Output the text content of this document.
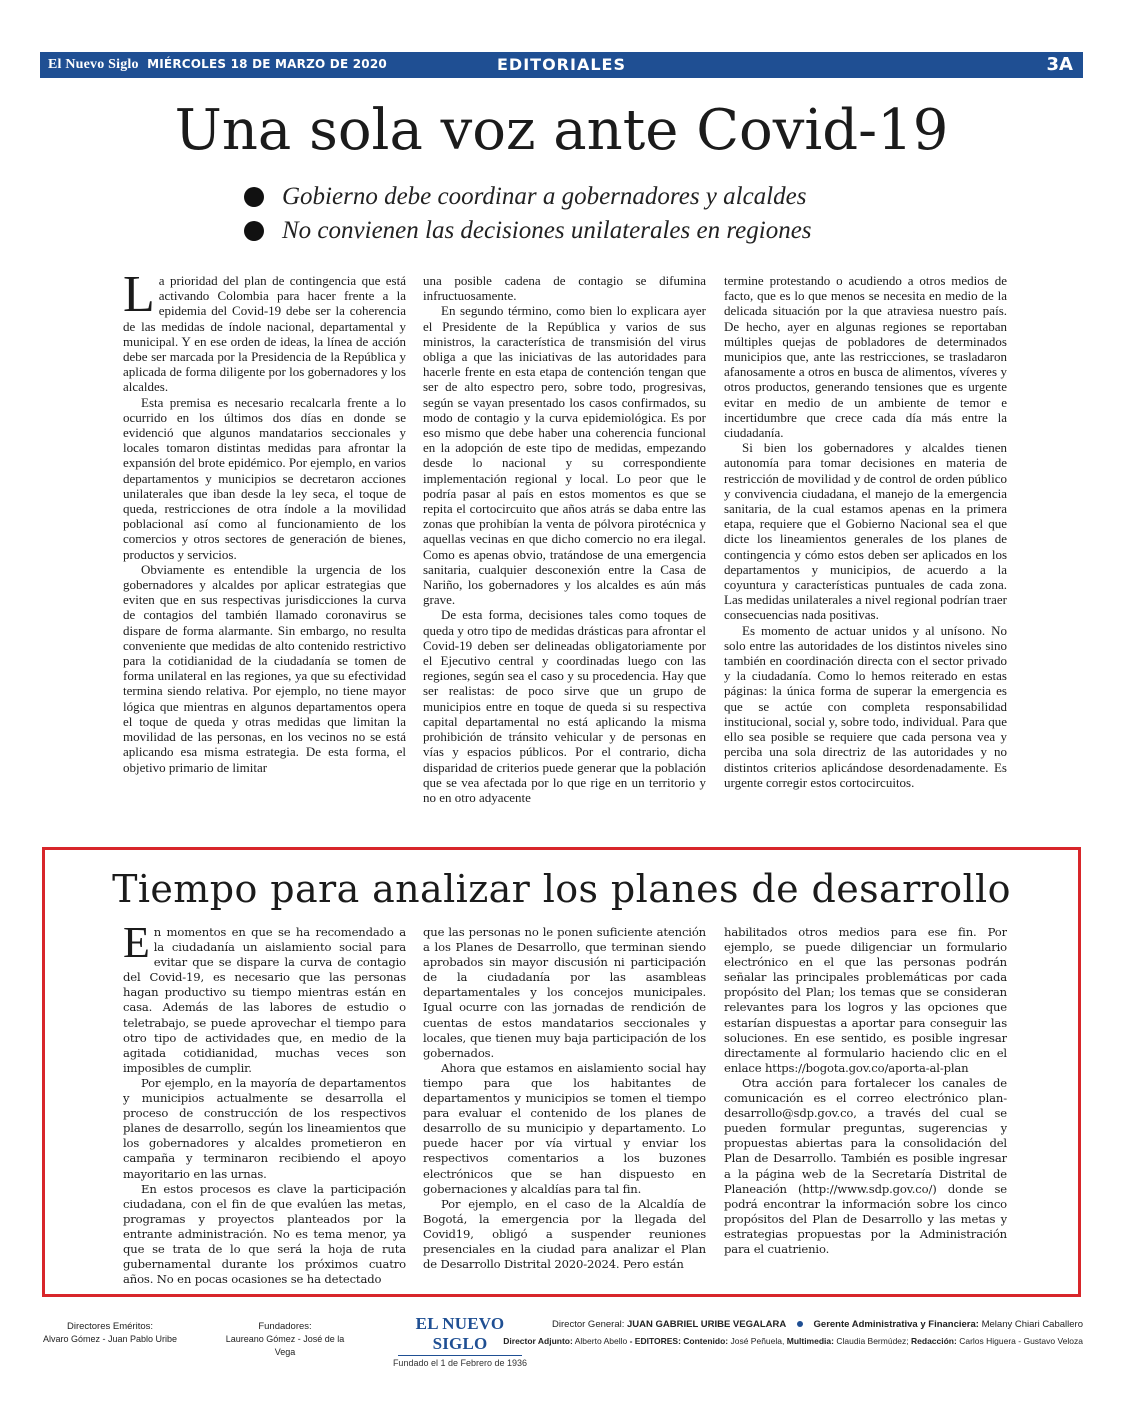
El Nuevo Siglo MIÉRCOLES 18 DE MARZO DE 2020	EDITORIALES	3A
Una sola voz ante Covid-19
Gobierno debe coordinar a gobernadores y alcaldes
No convienen las decisiones unilaterales en regiones

La prioridad del plan de contingencia que está activando Colombia para hacer frente a la epidemia del Covid-19 debe ser la coherencia de las medidas de índole nacional, departamental y municipal. Y en ese orden de ideas, la línea de acción debe ser marcada por la Presidencia de la República y aplicada de forma diligente por los gobernadores y los alcaldes.

Esta premisa es necesario recalcarla frente a lo ocurrido en los últimos dos días en donde se evidenció que algunos mandatarios seccionales y locales tomaron distintas medidas para afrontar la expansión del brote epidémico. Por ejemplo, en varios departamentos y municipios se decretaron acciones unilaterales que iban desde la ley seca, el toque de queda, restricciones de otra índole a la movilidad poblacional así como al funcionamiento de los comercios y otros sectores de generación de bienes, productos y servicios.

Obviamente es entendible la urgencia de los gobernadores y alcaldes por aplicar estrategias que eviten que en sus respectivas jurisdicciones la curva de contagios del también llamado coronavirus se dispare de forma alarmante. Sin embargo, no resulta conveniente que medidas de alto contenido restrictivo para la cotidianidad de la ciudadanía se tomen de forma unilateral en las regiones, ya que su efectividad termina siendo relativa. Por ejemplo, no tiene mayor lógica que mientras en algunos departamentos opera el toque de queda y otras medidas que limitan la movilidad de las personas, en los vecinos no se está aplicando esa misma estrategia. De esta forma, el objetivo primario de limitar

una posible cadena de contagio se difumina infructuosamente.

En segundo término, como bien lo explicara ayer el Presidente de la República y varios de sus ministros, la característica de transmisión del virus obliga a que las iniciativas de las autoridades para hacerle frente en esta etapa de contención tengan que ser de alto espectro pero, sobre todo, progresivas, según se vayan presentado los casos confirmados, su modo de contagio y la curva epidemiológica. Es por eso mismo que debe haber una coherencia funcional en la adopción de este tipo de medidas, empezando desde lo nacional y su correspondiente implementación regional y local. Lo peor que le podría pasar al país en estos momentos es que se repita el cortocircuito que años atrás se daba entre las zonas que prohibían la venta de pólvora pirotécnica y aquellas vecinas en que dicho comercio no era ilegal. Como es apenas obvio, tratándose de una emergencia sanitaria, cualquier desconexión entre la Casa de Nariño, los gobernadores y los alcaldes es aún más grave.

De esta forma, decisiones tales como toques de queda y otro tipo de medidas drásticas para afrontar el Covid-19 deben ser delineadas obligatoriamente por el Ejecutivo central y coordinadas luego con las regiones, según sea el caso y su procedencia. Hay que ser realistas: de poco sirve que un grupo de municipios entre en toque de queda si su respectiva capital departamental no está aplicando la misma prohibición de tránsito vehicular y de personas en vías y espacios públicos. Por el contrario, dicha disparidad de criterios puede generar que la población que se vea afectada por lo que rige en un territorio y no en otro adyacente

termine protestando o acudiendo a otros medios de facto, que es lo que menos se necesita en medio de la delicada situación por la que atraviesa nuestro país. De hecho, ayer en algunas regiones se reportaban múltiples quejas de pobladores de determinados municipios que, ante las restricciones, se trasladaron afanosamente a otros en busca de alimentos, víveres y otros productos, generando tensiones que es urgente evitar en medio de un ambiente de temor e incertidumbre que crece cada día más entre la ciudadanía.

Si bien los gobernadores y alcaldes tienen autonomía para tomar decisiones en materia de restricción de movilidad y de control de orden público y convivencia ciudadana, el manejo de la emergencia sanitaria, de la cual estamos apenas en la primera etapa, requiere que el Gobierno Nacional sea el que dicte los lineamientos generales de los planes de contingencia y cómo estos deben ser aplicados en los departamentos y municipios, de acuerdo a la coyuntura y características puntuales de cada zona. Las medidas unilaterales a nivel regional podrían traer consecuencias nada positivas.

Es momento de actuar unidos y al unísono. No solo entre las autoridades de los distintos niveles sino también en coordinación directa con el sector privado y la ciudadanía. Como lo hemos reiterado en estas páginas: la única forma de superar la emergencia es que se actúe con completa responsabilidad institucional, social y, sobre todo, individual. Para que ello sea posible se requiere que cada persona vea y perciba una sola directriz de las autoridades y no distintos criterios aplicándose desordenadamente. Es urgente corregir estos cortocircuitos.

Tiempo para analizar los planes de desarrollo

En momentos en que se ha recomendado a la ciudadanía un aislamiento social para evitar que se dispare la curva de contagio del Covid-19, es necesario que las personas hagan productivo su tiempo mientras están en casa. Además de las labores de estudio o teletrabajo, se puede aprovechar el tiempo para otro tipo de actividades que, en medio de la agitada cotidianidad, muchas veces son imposibles de cumplir.

Por ejemplo, en la mayoría de departamentos y municipios actualmente se desarrolla el proceso de construcción de los respectivos planes de desarrollo, según los lineamientos que los gobernadores y alcaldes prometieron en campaña y terminaron recibiendo el apoyo mayoritario en las urnas.

En estos procesos es clave la participación ciudadana, con el fin de que evalúen las metas, programas y proyectos planteados por la entrante administración. No es tema menor, ya que se trata de lo que será la hoja de ruta gubernamental durante los próximos cuatro años. No en pocas ocasiones se ha detectado

que las personas no le ponen suficiente atención a los Planes de Desarrollo, que terminan siendo aprobados sin mayor discusión ni participación de la ciudadanía por las asambleas departamentales y los concejos municipales. Igual ocurre con las jornadas de rendición de cuentas de estos mandatarios seccionales y locales, que tienen muy baja participación de los gobernados.

Ahora que estamos en aislamiento social hay tiempo para que los habitantes de departamentos y municipios se tomen el tiempo para evaluar el contenido de los planes de desarrollo de su municipio y departamento. Lo puede hacer por vía virtual y enviar los respectivos comentarios a los buzones electrónicos que se han dispuesto en gobernaciones y alcaldías para tal fin.

Por ejemplo, en el caso de la Alcaldía de Bogotá, la emergencia por la llegada del Covid19, obligó a suspender reuniones presenciales en la ciudad para analizar el Plan de Desarrollo Distrital 2020-2024. Pero están

habilitados otros medios para ese fin. Por ejemplo, se puede diligenciar un formulario electrónico en el que las personas podrán señalar las principales problemáticas por cada propósito del Plan; los temas que se consideran relevantes para los logros y las opciones que estarían dispuestas a aportar para conseguir las soluciones. En ese sentido, es posible ingresar directamente al formulario haciendo clic en el enlace https://bogota.gov.co/aporta-al-plan

Otra acción para fortalecer los canales de comunicación es el correo electrónico plan-desarrollo@sdp.gov.co, a través del cual se pueden formular preguntas, sugerencias y propuestas abiertas para la consolidación del Plan de Desarrollo. También es posible ingresar a la página web de la Secretaría Distrital de Planeación (http://www.sdp.gov.co/) donde se podrá encontrar la información sobre los cinco propósitos del Plan de Desarrollo y las metas y estrategias propuestas por la Administración para el cuatrienio.

Directores Eméritos:
Alvaro Gómez - Juan Pablo Uribe
Fundadores:
Laureano Gómez - José de la Vega
EL NUEVO SIGLO
Fundado el 1 de Febrero de 1936
Director General: JUAN GABRIEL URIBE VEGALARA	Gerente Administrativa y Financiera: Melany Chiari Caballero
Director Adjunto: Alberto Abello - EDITORES: Contenido: José Peñuela, Multimedia: Claudia Bermúdez; Redacción: Carlos Higuera - Gustavo Veloza
